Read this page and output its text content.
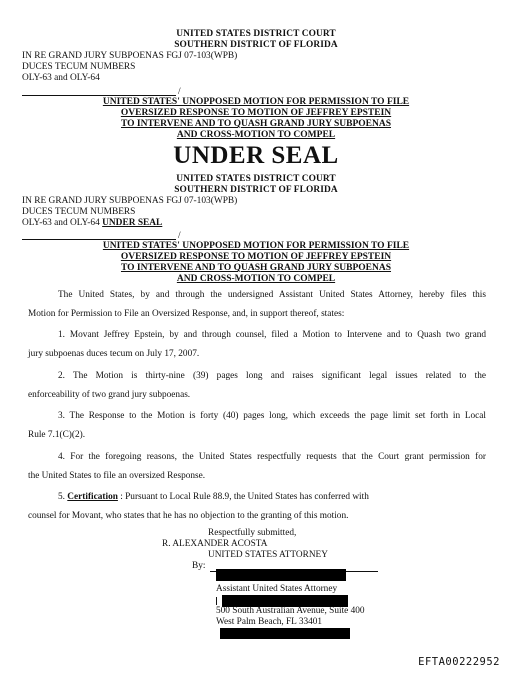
UNITED STATES DISTRICT COURT
SOUTHERN DISTRICT OF FLORIDA
IN RE GRAND JURY SUBPOENAS FGJ 07-103(WPB)
DUCES TECUM NUMBERS
OLY-63 and OLY-64
/
UNITED STATES' UNOPPOSED MOTION FOR PERMISSION TO FILE
OVERSIZED RESPONSE TO MOTION OF JEFFREY EPSTEIN
TO INTERVENE AND TO QUASH GRAND JURY SUBPOENAS
AND CROSS-MOTION TO COMPEL
UNDER SEAL
UNITED STATES DISTRICT COURT
SOUTHERN DISTRICT OF FLORIDA
IN RE GRAND JURY SUBPOENAS FGJ 07-103(WPB)
DUCES TECUM NUMBERS
OLY-63 and OLY-64 UNDER SEAL
/
UNITED STATES' UNOPPOSED MOTION FOR PERMISSION TO FILE
OVERSIZED RESPONSE TO MOTION OF JEFFREY EPSTEIN
TO INTERVENE AND TO QUASH GRAND JURY SUBPOENAS
AND CROSS-MOTION TO COMPEL
The United States, by and through the undersigned Assistant United States Attorney, hereby files this
Motion for Permission to File an Oversized Response, and, in support thereof, states:
1. Movant Jeffrey Epstein, by and through counsel, filed a Motion to Intervene and to Quash two grand
jury subpoenas duces tecum on July 17, 2007.
2. The Motion is thirty-nine (39) pages long and raises significant legal issues related to the
enforceability of two grand jury subpoenas.
3. The Response to the Motion is forty (40) pages long, which exceeds the page limit set forth in Local
Rule 7.1(C)(2).
4. For the foregoing reasons, the United States respectfully requests that the Court grant permission for
the United States to file an oversized Response.
5. Certification : Pursuant to Local Rule 88.9, the United States has conferred with
counsel for Movant, who states that he has no objection to the granting of this motion.
Respectfully submitted,
R. ALEXANDER ACOSTA
UNITED STATES ATTORNEY
By:
Assistant United States Attorney
500 South Australian Avenue, Suite 400
West Palm Beach, FL 33401
EFTA00222952
